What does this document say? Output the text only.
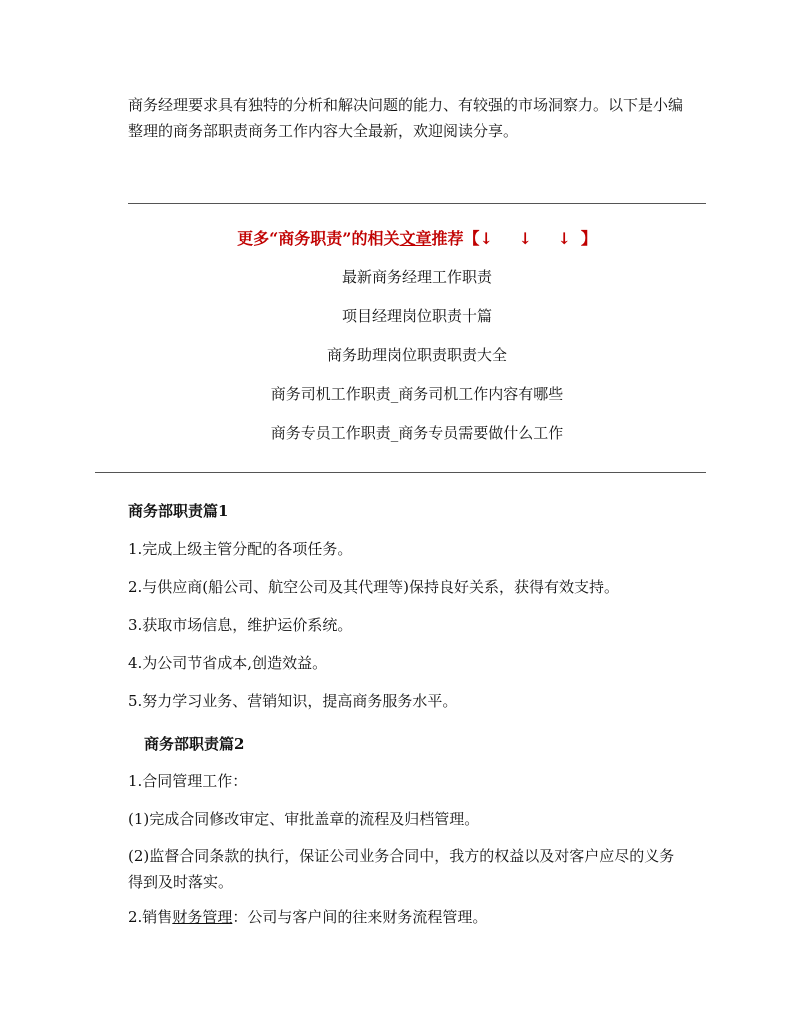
商务经理要求具有独特的分析和解决问题的能力、有较强的市场洞察力。以下是小编
整理的商务部职责商务工作内容大全最新，欢迎阅读分享。
更多“商务职责”的相关文章推荐【↓ ↓ ↓】
最新商务经理工作职责
项目经理岗位职责十篇
商务助理岗位职责职责大全
商务司机工作职责_商务司机工作内容有哪些
商务专员工作职责_商务专员需要做什么工作
商务部职责篇1
1.完成上级主管分配的各项任务。
2.与供应商(船公司、航空公司及其代理等)保持良好关系，获得有效支持。
3.获取市场信息，维护运价系统。
4.为公司节省成本,创造效益。
5.努力学习业务、营销知识，提高商务服务水平。
商务部职责篇2
1.合同管理工作：
(1)完成合同修改审定、审批盖章的流程及归档管理。
(2)监督合同条款的执行，保证公司业务合同中，我方的权益以及对客户应尽的义务
得到及时落实。
2.销售财务管理：公司与客户间的往来财务流程管理。
